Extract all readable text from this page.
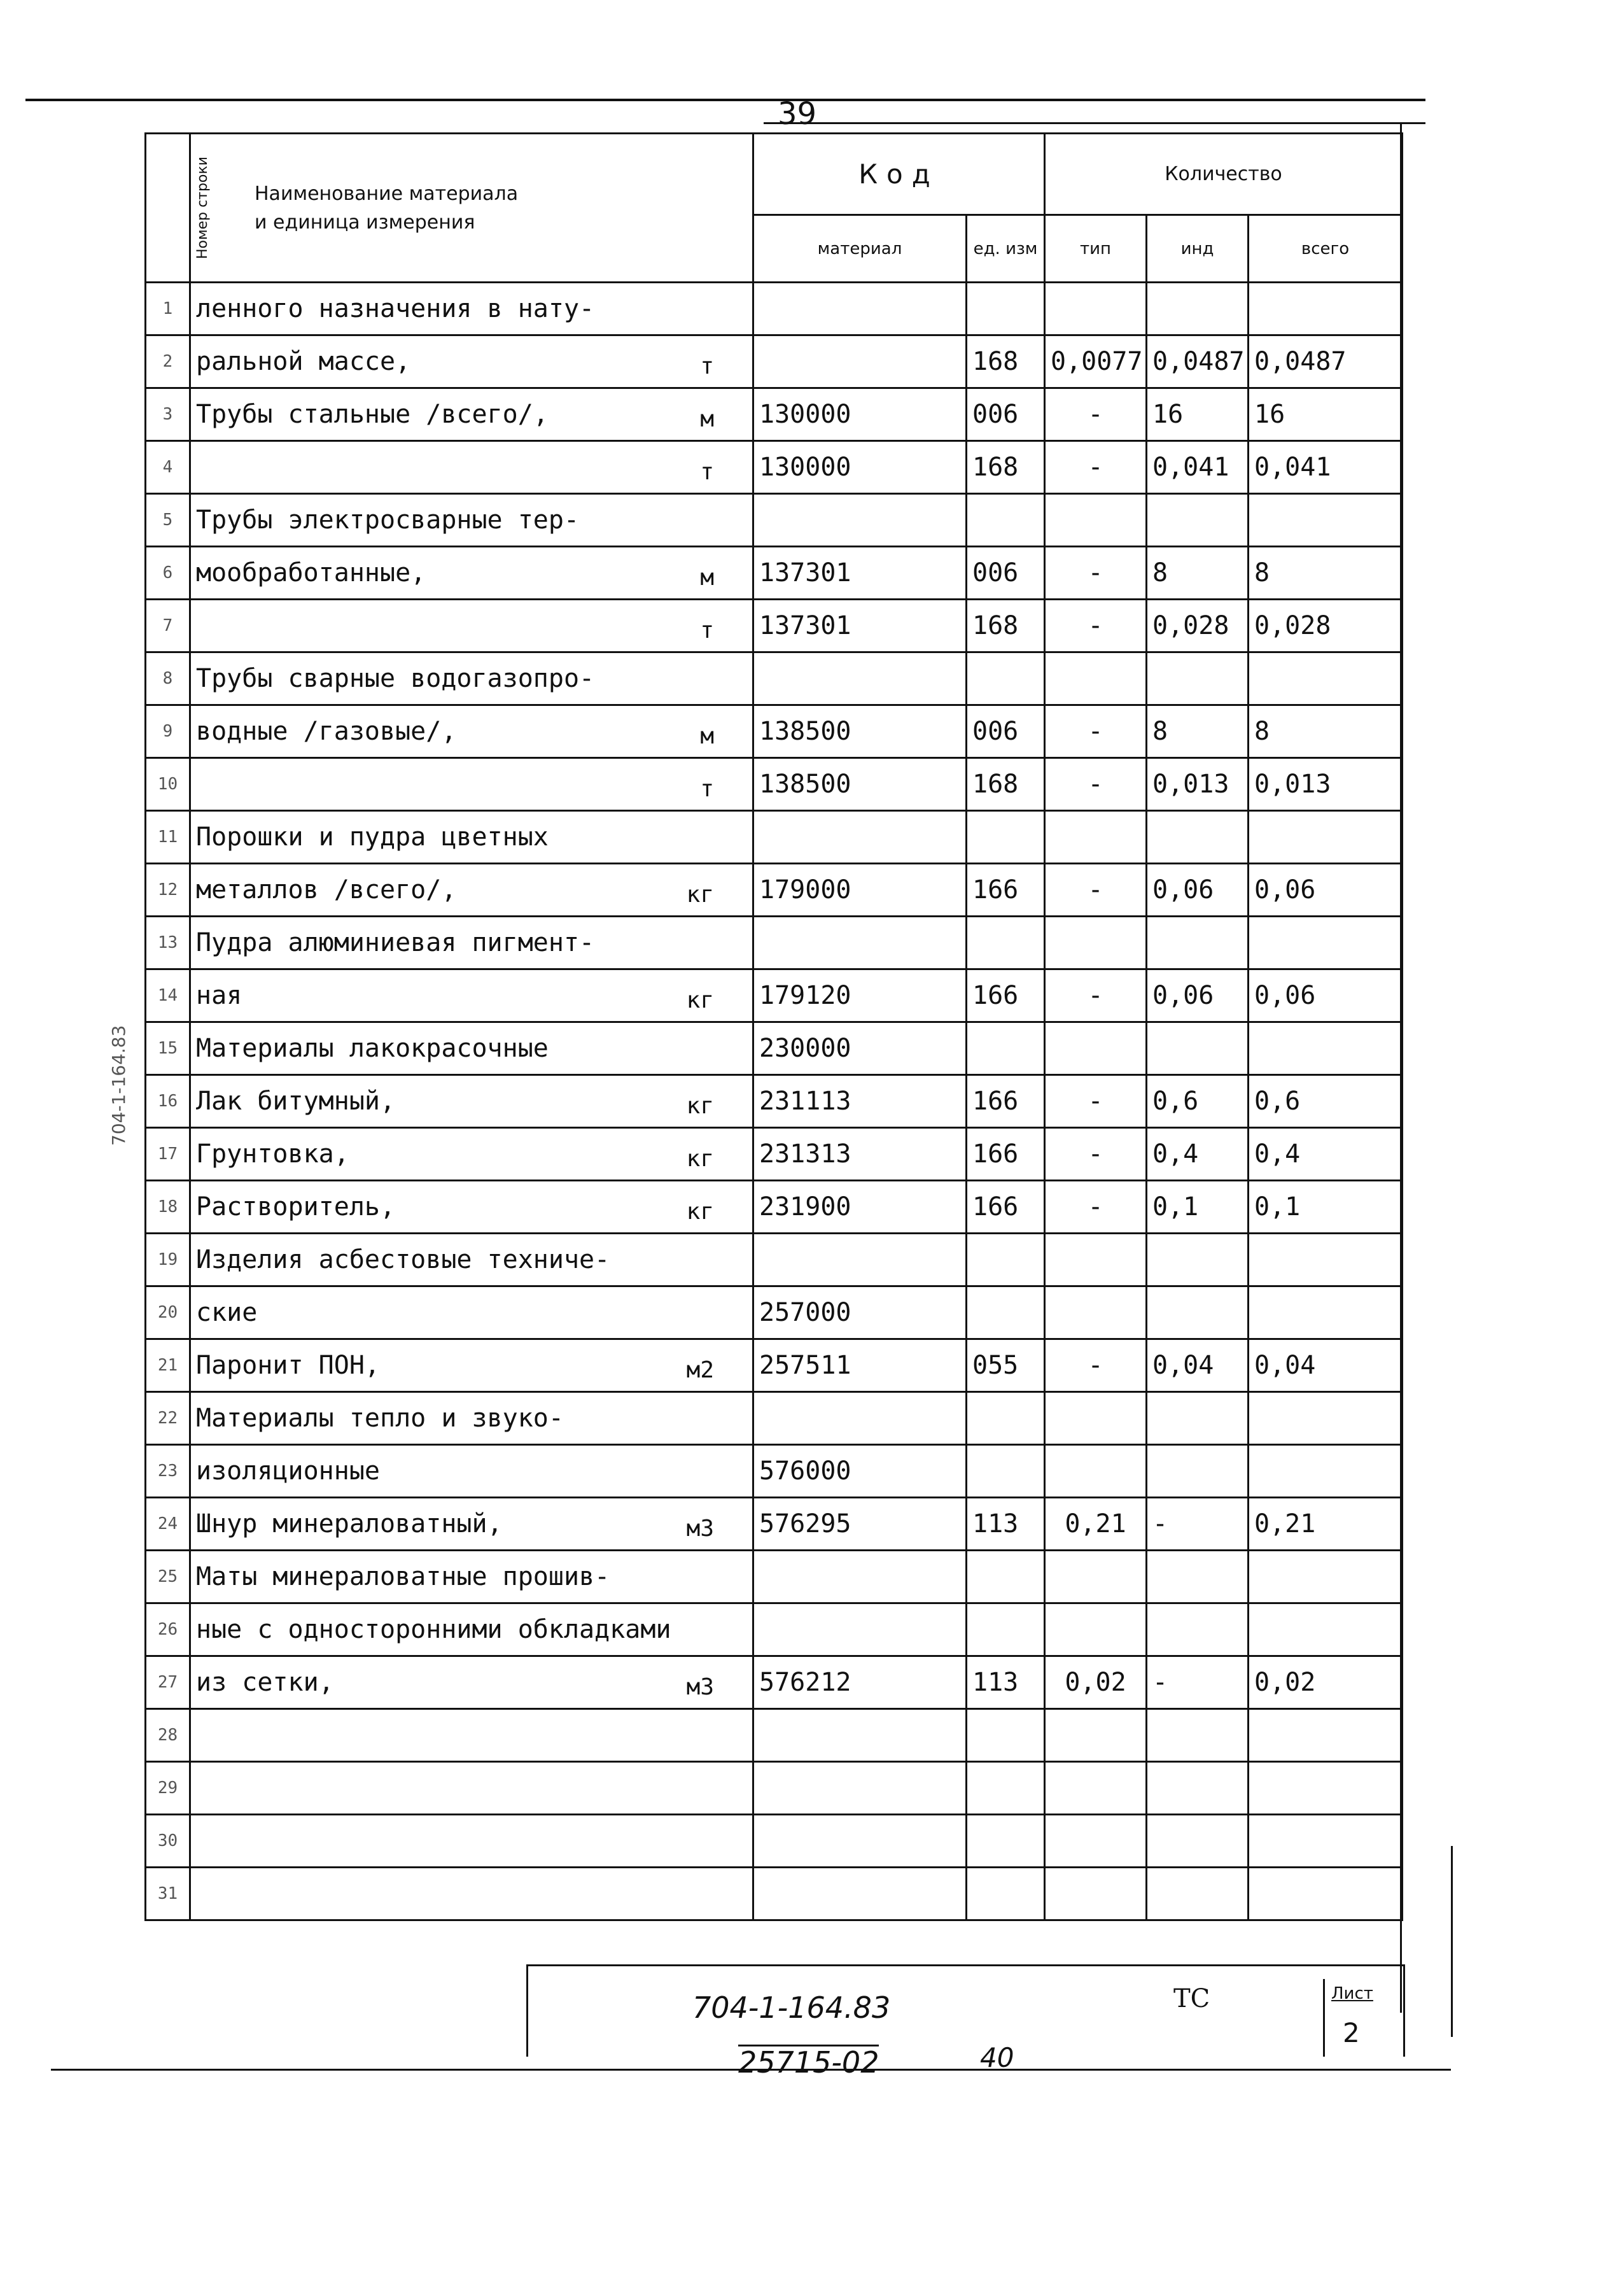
39
704-1-164.83
Номер строки	Наименование материала
и единица измерения	Код		Количество		
		материал	ед. изм	тип	инд	всего
1	ленного назначения в нату-

2	ральной массе, т		168	0,0077	0,0487	0,0487
3	Трубы стальные /всего/, м	130000	006	-	16	16
4	т	130000	168	-	0,041	0,041
5	Трубы электросварные тер-

6	мообработанные, м	137301	006	-	8	8
7	т	137301	168	-	0,028	0,028
8	Трубы сварные водогазопро-

9	водные /газовые/, м	138500	006	-	8	8
10	т	138500	168	-	0,013	0,013
11	Порошки и пудра цветных

12	металлов /всего/, кг	179000	166	-	0,06	0,06
13	Пудра алюминиевая пигмент-

14	ная кг	179120	166	-	0,06	0,06
15	Материалы лакокрасочные	230000				
16	Лак битумный, кг	231113	166	-	0,6	0,6
17	Грунтовка, кг	231313	166	-	0,4	0,4
18	Растворитель, кг	231900	166	-	0,1	0,1
19	Изделия асбестовые техниче-

20	ские	257000				
21	Паронит ПОН, м2	257511	055	-	0,04	0,04
22	Материалы тепло и звуко-

23	изоляционные	576000				
24	Шнур минераловатный, м3	576295	113	0,21	-	0,21
25	Маты минераловатные прошив-

26	ные с односторонними обкладками

27	из сетки, м3	576212	113	0,02	-	0,02
28	

29	

30	

31	

704-1-164.83	ТС	Лист
2
25715-02	40
